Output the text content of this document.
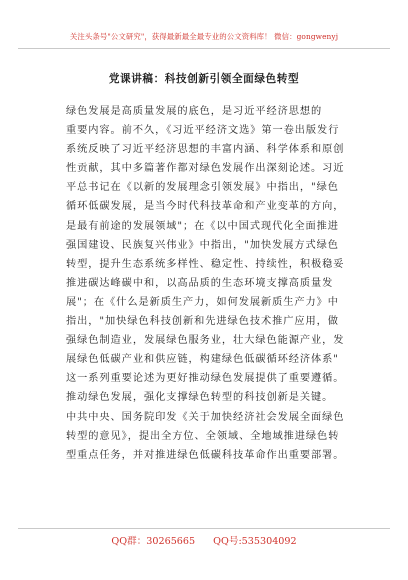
关注头条号"公文研究"，获得最新最全最专业的公文资料库！ 微信：gongwenyj
党课讲稿：科技创新引领全面绿色转型
绿色发展是高质量发展的底色，是习近平经济思想的
重要内容。前不久，《习近平经济文选》第一卷出版发行
系统反映了习近平经济思想的丰富内涵、科学体系和原创
性贡献，其中多篇著作都对绿色发展作出深刻论述。习近
平总书记在《以新的发展理念引领发展》中指出，"绿色
循环低碳发展，是当今时代科技革命和产业变革的方向，
是最有前途的发展领域"；在《以中国式现代化全面推进
强国建设、民族复兴伟业》中指出，"加快发展方式绿色
转型，提升生态系统多样性、稳定性、持续性，积极稳妥
推进碳达峰碳中和，以高品质的生态环境支撑高质量发
展"；在《什么是新质生产力，如何发展新质生产力》中
指出，"加快绿色科技创新和先进绿色技术推广应用，做
强绿色制造业，发展绿色服务业，壮大绿色能源产业，发
展绿色低碳产业和供应链，构建绿色低碳循环经济体系"
这一系列重要论述为更好推动绿色发展提供了重要遵循。
推动绿色发展，强化支撑绿色转型的科技创新是关键。
中共中央、国务院印发《关于加快经济社会发展全面绿色
转型的意见》，提出全方位、全领域、全地域推进绿色转
型重点任务，并对推进绿色低碳科技革命作出重要部署。
QQ群：30265665 QQ号:535304092
